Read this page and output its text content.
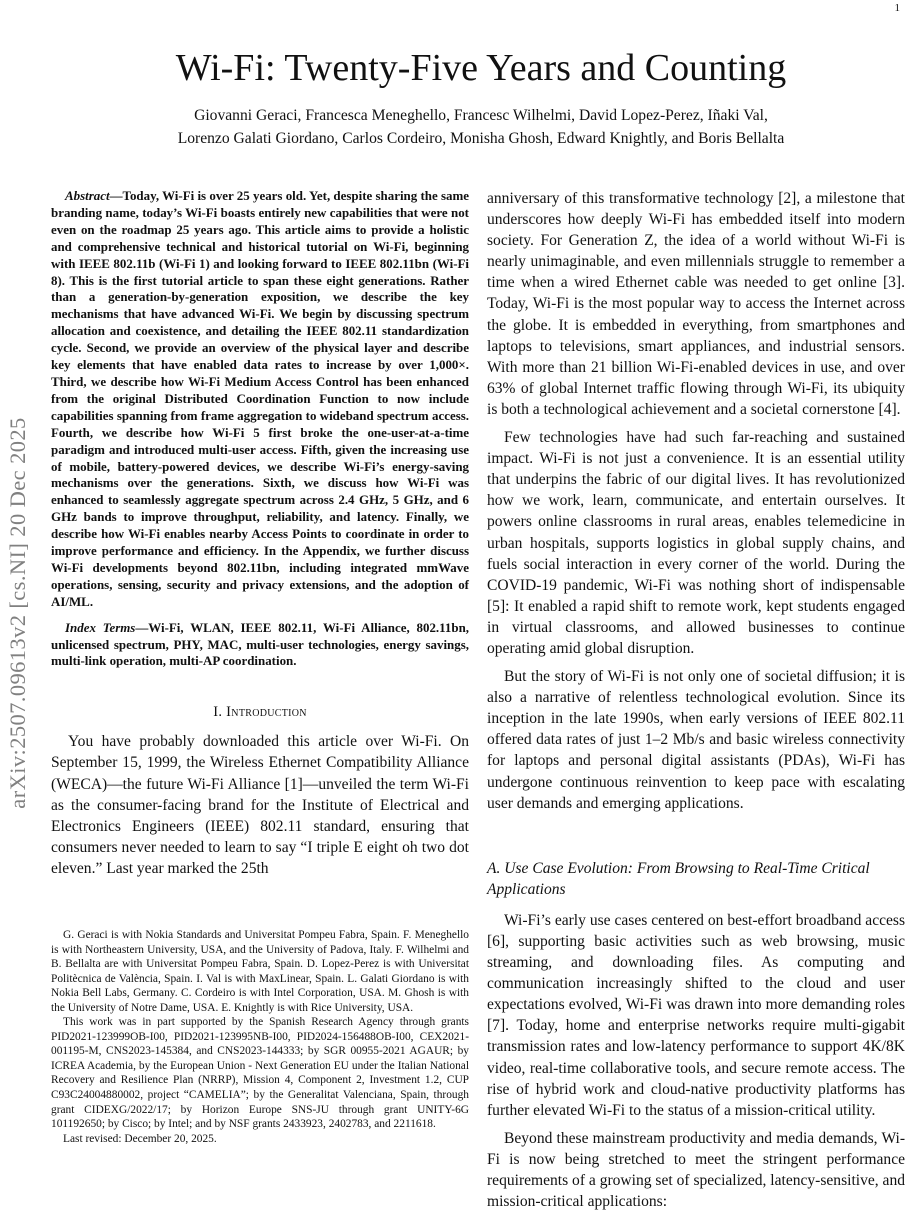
1
arXiv:2507.09613v2 [cs.NI] 20 Dec 2025
Wi-Fi: Twenty-Five Years and Counting
Giovanni Geraci, Francesca Meneghello, Francesc Wilhelmi, David Lopez-Perez, Iñaki Val,
Lorenzo Galati Giordano, Carlos Cordeiro, Monisha Ghosh, Edward Knightly, and Boris Bellalta

Abstract—Today, Wi-Fi is over 25 years old. Yet, despite sharing the same branding name, today’s Wi-Fi boasts entirely new capabilities that were not even on the roadmap 25 years ago. This article aims to provide a holistic and comprehensive technical and historical tutorial on Wi-Fi, beginning with IEEE 802.11b (Wi-Fi 1) and looking forward to IEEE 802.11bn (Wi-Fi 8). This is the first tutorial article to span these eight generations. Rather than a generation-by-generation exposition, we describe the key mechanisms that have advanced Wi-Fi. We begin by discussing spectrum allocation and coexistence, and detailing the IEEE 802.11 standardization cycle. Second, we provide an overview of the physical layer and describe key elements that have enabled data rates to increase by over 1,000×. Third, we describe how Wi-Fi Medium Access Control has been enhanced from the original Distributed Coordination Function to now include capabilities spanning from frame aggregation to wideband spectrum access. Fourth, we describe how Wi-Fi 5 first broke the one-user-at-a-time paradigm and introduced multi-user access. Fifth, given the increasing use of mobile, battery-powered devices, we describe Wi-Fi’s energy-saving mechanisms over the generations. Sixth, we discuss how Wi-Fi was enhanced to seamlessly aggregate spectrum across 2.4 GHz, 5 GHz, and 6 GHz bands to improve throughput, reliability, and latency. Finally, we describe how Wi-Fi enables nearby Access Points to coordinate in order to improve performance and efficiency. In the Appendix, we further discuss Wi-Fi developments beyond 802.11bn, including integrated mmWave operations, sensing, security and privacy extensions, and the adoption of AI/ML.

Index Terms—Wi-Fi, WLAN, IEEE 802.11, Wi-Fi Alliance, 802.11bn, unlicensed spectrum, PHY, MAC, multi-user technologies, energy savings, multi-link operation, multi-AP coordination.

I. Introduction

You have probably downloaded this article over Wi-Fi. On September 15, 1999, the Wireless Ethernet Compatibility Alliance (WECA)—the future Wi-Fi Alliance [1]—unveiled the term Wi-Fi as the consumer-facing brand for the Institute of Electrical and Electronics Engineers (IEEE) 802.11 standard, ensuring that consumers never needed to learn to say “I triple E eight oh two dot eleven.” Last year marked the 25th

G. Geraci is with Nokia Standards and Universitat Pompeu Fabra, Spain. F. Meneghello is with Northeastern University, USA, and the University of Padova, Italy. F. Wilhelmi and B. Bellalta are with Universitat Pompeu Fabra, Spain. D. Lopez-Perez is with Universitat Politècnica de València, Spain. I. Val is with MaxLinear, Spain. L. Galati Giordano is with Nokia Bell Labs, Germany. C. Cordeiro is with Intel Corporation, USA. M. Ghosh is with the University of Notre Dame, USA. E. Knightly is with Rice University, USA.

This work was in part supported by the Spanish Research Agency through grants PID2021-123999OB-I00, PID2021-123995NB-I00, PID2024-156488OB-I00, CEX2021-001195-M, CNS2023-145384, and CNS2023-144333; by SGR 00955-2021 AGAUR; by ICREA Academia, by the European Union - Next Generation EU under the Italian National Recovery and Resilience Plan (NRRP), Mission 4, Component 2, Investment 1.2, CUP C93C24004880002, project “CAMELIA”; by the Generalitat Valenciana, Spain, through grant CIDEXG/2022/17; by Horizon Europe SNS-JU through grant UNITY-6G 101192650; by Cisco; by Intel; and by NSF grants 2433923, 2402783, and 2211618.

Last revised: December 20, 2025.

anniversary of this transformative technology [2], a milestone that underscores how deeply Wi-Fi has embedded itself into modern society. For Generation Z, the idea of a world without Wi-Fi is nearly unimaginable, and even millennials struggle to remember a time when a wired Ethernet cable was needed to get online [3]. Today, Wi-Fi is the most popular way to access the Internet across the globe. It is embedded in everything, from smartphones and laptops to televisions, smart appliances, and industrial sensors. With more than 21 billion Wi-Fi-enabled devices in use, and over 63% of global Internet traffic flowing through Wi-Fi, its ubiquity is both a technological achievement and a societal cornerstone [4].

Few technologies have had such far-reaching and sustained impact. Wi-Fi is not just a convenience. It is an essential utility that underpins the fabric of our digital lives. It has revolutionized how we work, learn, communicate, and entertain ourselves. It powers online classrooms in rural areas, enables telemedicine in urban hospitals, supports logistics in global supply chains, and fuels social interaction in every corner of the world. During the COVID-19 pandemic, Wi-Fi was nothing short of indispensable [5]: It enabled a rapid shift to remote work, kept students engaged in virtual classrooms, and allowed businesses to continue operating amid global disruption.

But the story of Wi-Fi is not only one of societal diffusion; it is also a narrative of relentless technological evolution. Since its inception in the late 1990s, when early versions of IEEE 802.11 offered data rates of just 1–2 Mb/s and basic wireless connectivity for laptops and personal digital assistants (PDAs), Wi-Fi has undergone continuous reinvention to keep pace with escalating user demands and emerging applications.

A. Use Case Evolution: From Browsing to Real-Time Critical Applications

Wi-Fi’s early use cases centered on best-effort broadband access [6], supporting basic activities such as web browsing, music streaming, and downloading files. As computing and communication increasingly shifted to the cloud and user expectations evolved, Wi-Fi was drawn into more demanding roles [7]. Today, home and enterprise networks require multi-gigabit transmission rates and low-latency performance to support 4K/8K video, real-time collaborative tools, and secure remote access. The rise of hybrid work and cloud-native productivity platforms has further elevated Wi-Fi to the status of a mission-critical utility.

Beyond these mainstream productivity and media demands, Wi-Fi is now being stretched to meet the stringent performance requirements of a growing set of specialized, latency-sensitive, and mission-critical applications:
